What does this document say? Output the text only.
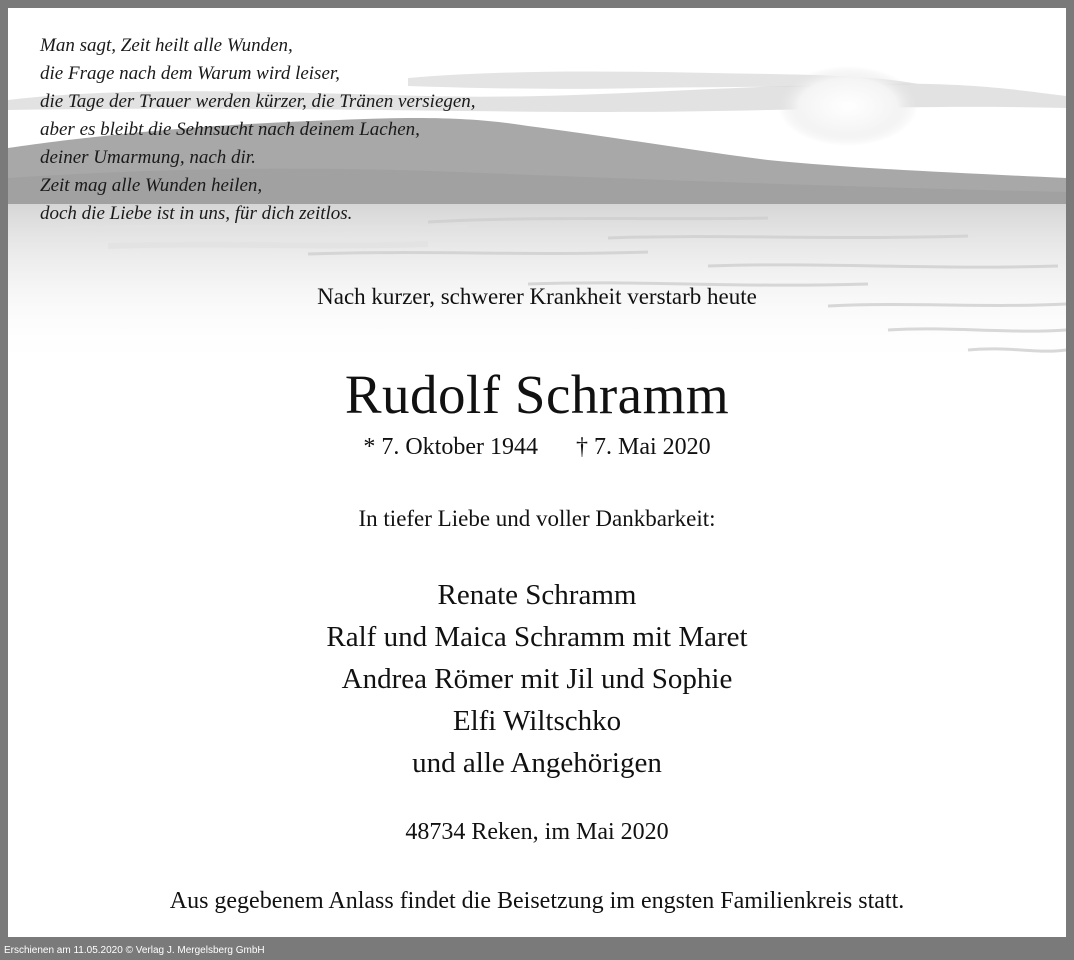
Man sagt, Zeit heilt alle Wunden,
die Frage nach dem Warum wird leiser,
die Tage der Trauer werden kürzer, die Tränen versiegen,
aber es bleibt die Sehnsucht nach deinem Lachen,
deiner Umarmung, nach dir.
Zeit mag alle Wunden heilen,
doch die Liebe ist in uns, für dich zeitlos.
Nach kurzer, schwerer Krankheit verstarb heute
Rudolf Schramm
* 7. Oktober 1944 † 7. Mai 2020
In tiefer Liebe und voller Dankbarkeit:
Renate Schramm
Ralf und Maica Schramm mit Maret
Andrea Römer mit Jil und Sophie
Elfi Wiltschko
und alle Angehörigen
48734 Reken, im Mai 2020
Aus gegebenem Anlass findet die Beisetzung im engsten Familienkreis statt.
Erschienen am 11.05.2020 © Verlag J. Mergelsberg GmbH
